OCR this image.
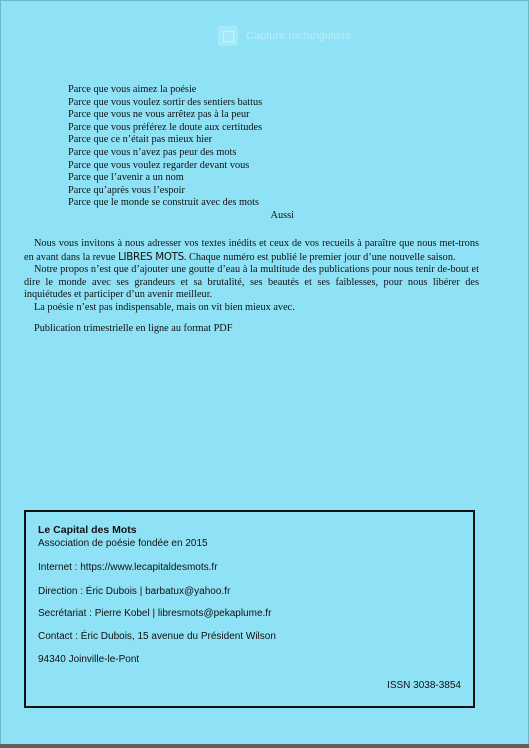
Capture rectangulaire
Parce que vous aimez la poésie
Parce que vous voulez sortir des sentiers battus
Parce que vous ne vous arrêtez pas à la peur
Parce que vous préférez le doute aux certitudes
Parce que ce n’était pas mieux hier
Parce que vous n’avez pas peur des mots
Parce que vous voulez regarder devant vous
Parce que l’avenir a un nom
Parce qu’après vous l’espoir
Parce que le monde se construit avec des mots
Aussi

Nous vous invitons à nous adresser vos textes inédits et ceux de vos recueils à paraître que nous met-trons en avant dans la revue LIBRES MOTS. Chaque numéro est publié le premier jour d’une nouvelle saison.

Notre propos n’est que d’ajouter une goutte d’eau à la multitude des publications pour nous tenir de-bout et dire le monde avec ses grandeurs et sa brutalité, ses beautés et ses faiblesses, pour nous libérer des inquiétudes et participer d’un avenir meilleur.

La poésie n’est pas indispensable, mais on vit bien mieux avec.

Publication trimestrielle en ligne au format PDF

Le Capital des Mots
Association de poésie fondée en 2015
Internet : https://www.lecapitaldesmots.fr
Direction : Éric Dubois | barbatux@yahoo.fr
Secrétariat : Pierre Kobel | libresmots@pekaplume.fr
Contact : Éric Dubois, 15 avenue du Président Wilson
94340 Joinville-le-Pont
ISSN 3038-3854
